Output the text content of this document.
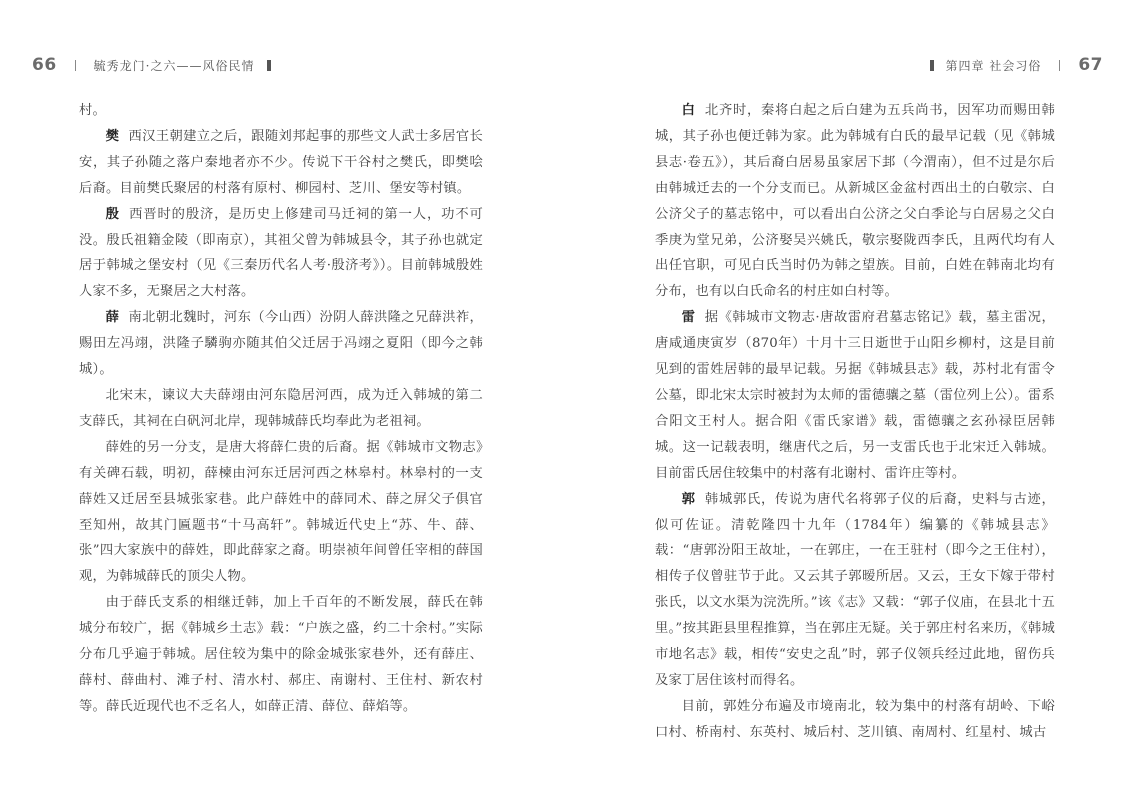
66	毓秀龙门·之六——风俗民情

村。

樊 西汉王朝建立之后，跟随刘邦起事的那些文人武士多居官长安，其子孙随之落户秦地者亦不少。传说下干谷村之樊氏，即樊哙后裔。目前樊氏聚居的村落有原村、柳园村、芝川、堡安等村镇。

殷 西晋时的殷济，是历史上修建司马迁祠的第一人，功不可没。殷氏祖籍金陵（即南京），其祖父曾为韩城县令，其子孙也就定居于韩城之堡安村（见《三秦历代名人考·殷济考》）。目前韩城殷姓人家不多，无聚居之大村落。

薛 南北朝北魏时，河东（今山西）汾阴人薛洪隆之兄薛洪祚，赐田左冯翊，洪隆子驎驹亦随其伯父迁居于冯翊之夏阳（即今之韩城）。

北宋末，谏议大夫薛翊由河东隐居河西，成为迁入韩城的第二支薛氏，其祠在白矾河北岸，现韩城薛氏均奉此为老祖祠。

薛姓的另一分支，是唐大将薛仁贵的后裔。据《韩城市文物志》有关碑石载，明初，薛楝由河东迁居河西之林皋村。林皋村的一支薛姓又迁居至县城张家巷。此户薛姓中的薛同术、薛之屏父子俱官至知州，故其门匾题书“十马高轩”。韩城近代史上“苏、牛、薛、张”四大家族中的薛姓，即此薛家之裔。明崇祯年间曾任宰相的薛国观，为韩城薛氏的顶尖人物。

由于薛氏支系的相继迁韩，加上千百年的不断发展，薛氏在韩城分布较广，据《韩城乡土志》载：“户族之盛，约二十余村。”实际分布几乎遍于韩城。居住较为集中的除金城张家巷外，还有薛庄、薛村、薛曲村、滩子村、清水村、郝庄、南谢村、王住村、新农村等。薛氏近现代也不乏名人，如薛正清、薛位、薛焰等。

第四章 社会习俗 67

白 北齐时，秦将白起之后白建为五兵尚书，因军功而赐田韩城，其子孙也便迁韩为家。此为韩城有白氏的最早记载（见《韩城县志·卷五》），其后裔白居易虽家居下邽（今渭南），但不过是尔后由韩城迁去的一个分支而已。从新城区金盆村西出土的白敬宗、白公济父子的墓志铭中，可以看出白公济之父白季论与白居易之父白季庚为堂兄弟，公济娶吴兴姚氏，敬宗娶陇西李氏，且两代均有人出任官职，可见白氏当时仍为韩之望族。目前，白姓在韩南北均有分布，也有以白氏命名的村庄如白村等。

雷 据《韩城市文物志·唐故雷府君墓志铭记》载，墓主雷况，唐咸通庚寅岁（870年）十月十三日逝世于山阳乡柳村，这是目前见到的雷姓居韩的最早记载。另据《韩城县志》载，苏村北有雷令公墓，即北宋太宗时被封为太师的雷德骧之墓（雷位列上公）。雷系合阳文王村人。据合阳《雷氏家谱》载，雷德骧之玄孙禄臣居韩城。这一记载表明，继唐代之后，另一支雷氏也于北宋迁入韩城。目前雷氏居住较集中的村落有北谢村、雷许庄等村。

郭 韩城郭氏，传说为唐代名将郭子仪的后裔，史料与古迹，似可佐证。清乾隆四十九年（1784年）编纂的《韩城县志》载：“唐郭汾阳王故址，一在郭庄，一在王驻村（即今之王住村），相传子仪曾驻节于此。又云其子郭暧所居。又云，王女下嫁于带村张氏，以文水渠为浣洗所。”该《志》又载：“郭子仪庙，在县北十五里。”按其距县里程推算，当在郭庄无疑。关于郭庄村名来历，《韩城市地名志》载，相传“安史之乱”时，郭子仪领兵经过此地，留伤兵及家丁居住该村而得名。

目前，郭姓分布遍及市境南北，较为集中的村落有胡岭、下峪口村、桥南村、东英村、城后村、芝川镇、南周村、红星村、城古
